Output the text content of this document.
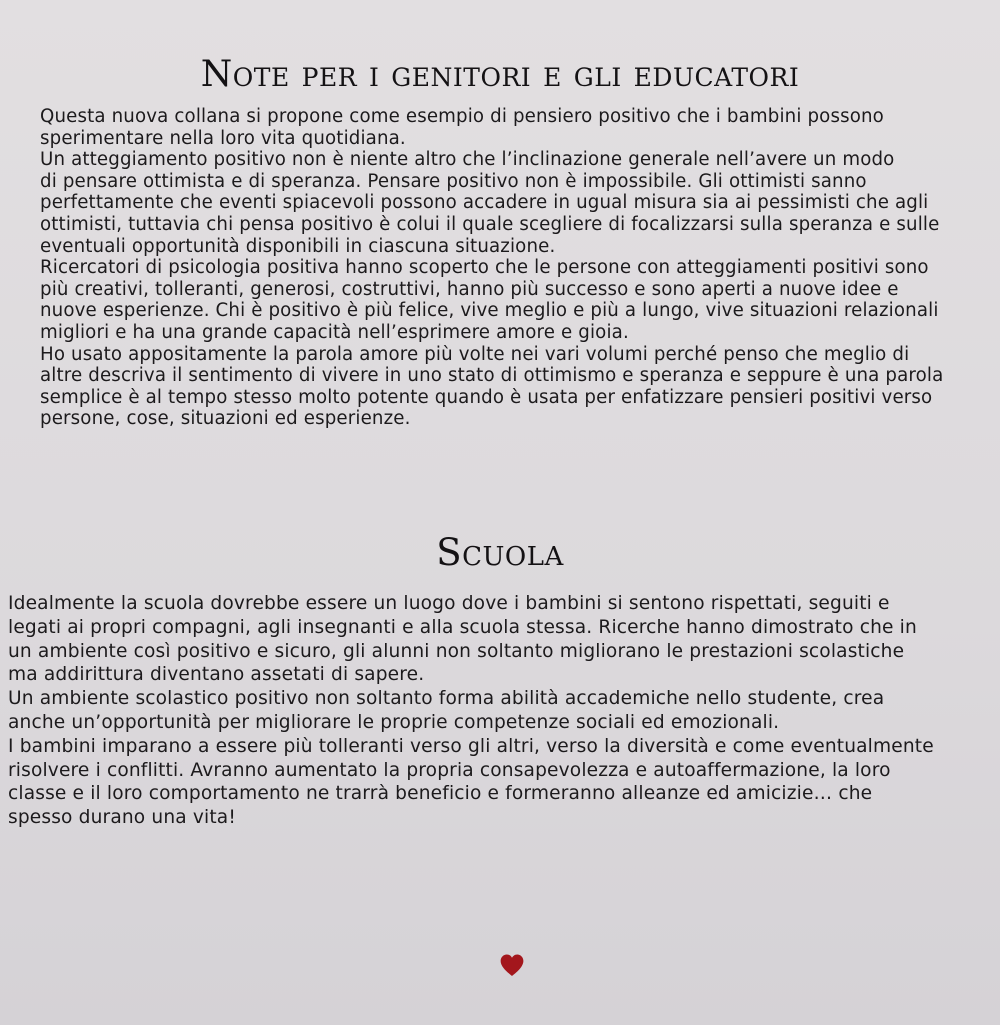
Note per i genitori e gli educatori
Questa nuova collana si propone come esempio di pensiero positivo che i bambini possono
sperimentare nella loro vita quotidiana.
Un atteggiamento positivo non è niente altro che l’inclinazione generale nell’avere un modo
di pensare ottimista e di speranza. Pensare positivo non è impossibile. Gli ottimisti sanno
perfettamente che eventi spiacevoli possono accadere in ugual misura sia ai pessimisti che agli
ottimisti, tuttavia chi pensa positivo è colui il quale scegliere di focalizzarsi sulla speranza e sulle
eventuali opportunità disponibili in ciascuna situazione.
Ricercatori di psicologia positiva hanno scoperto che le persone con atteggiamenti positivi sono
più creativi, tolleranti, generosi, costruttivi, hanno più successo e sono aperti a nuove idee e
nuove esperienze. Chi è positivo è più felice, vive meglio e più a lungo, vive situazioni relazionali
migliori e ha una grande capacità nell’esprimere amore e gioia.
Ho usato appositamente la parola amore più volte nei vari volumi perché penso che meglio di
altre descriva il sentimento di vivere in uno stato di ottimismo e speranza e seppure è una parola
semplice è al tempo stesso molto potente quando è usata per enfatizzare pensieri positivi verso
persone, cose, situazioni ed esperienze.
Scuola
Idealmente la scuola dovrebbe essere un luogo dove i bambini si sentono rispettati, seguiti e
legati ai propri compagni, agli insegnanti e alla scuola stessa. Ricerche hanno dimostrato che in
un ambiente così positivo e sicuro, gli alunni non soltanto migliorano le prestazioni scolastiche
ma addirittura diventano assetati di sapere.
Un ambiente scolastico positivo non soltanto forma abilità accademiche nello studente, crea
anche un’opportunità per migliorare le proprie competenze sociali ed emozionali.
I bambini imparano a essere più tolleranti verso gli altri, verso la diversità e come eventualmente
risolvere i conflitti. Avranno aumentato la propria consapevolezza e autoaffermazione, la loro
classe e il loro comportamento ne trarrà beneficio e formeranno alleanze ed amicizie… che
spesso durano una vita!
